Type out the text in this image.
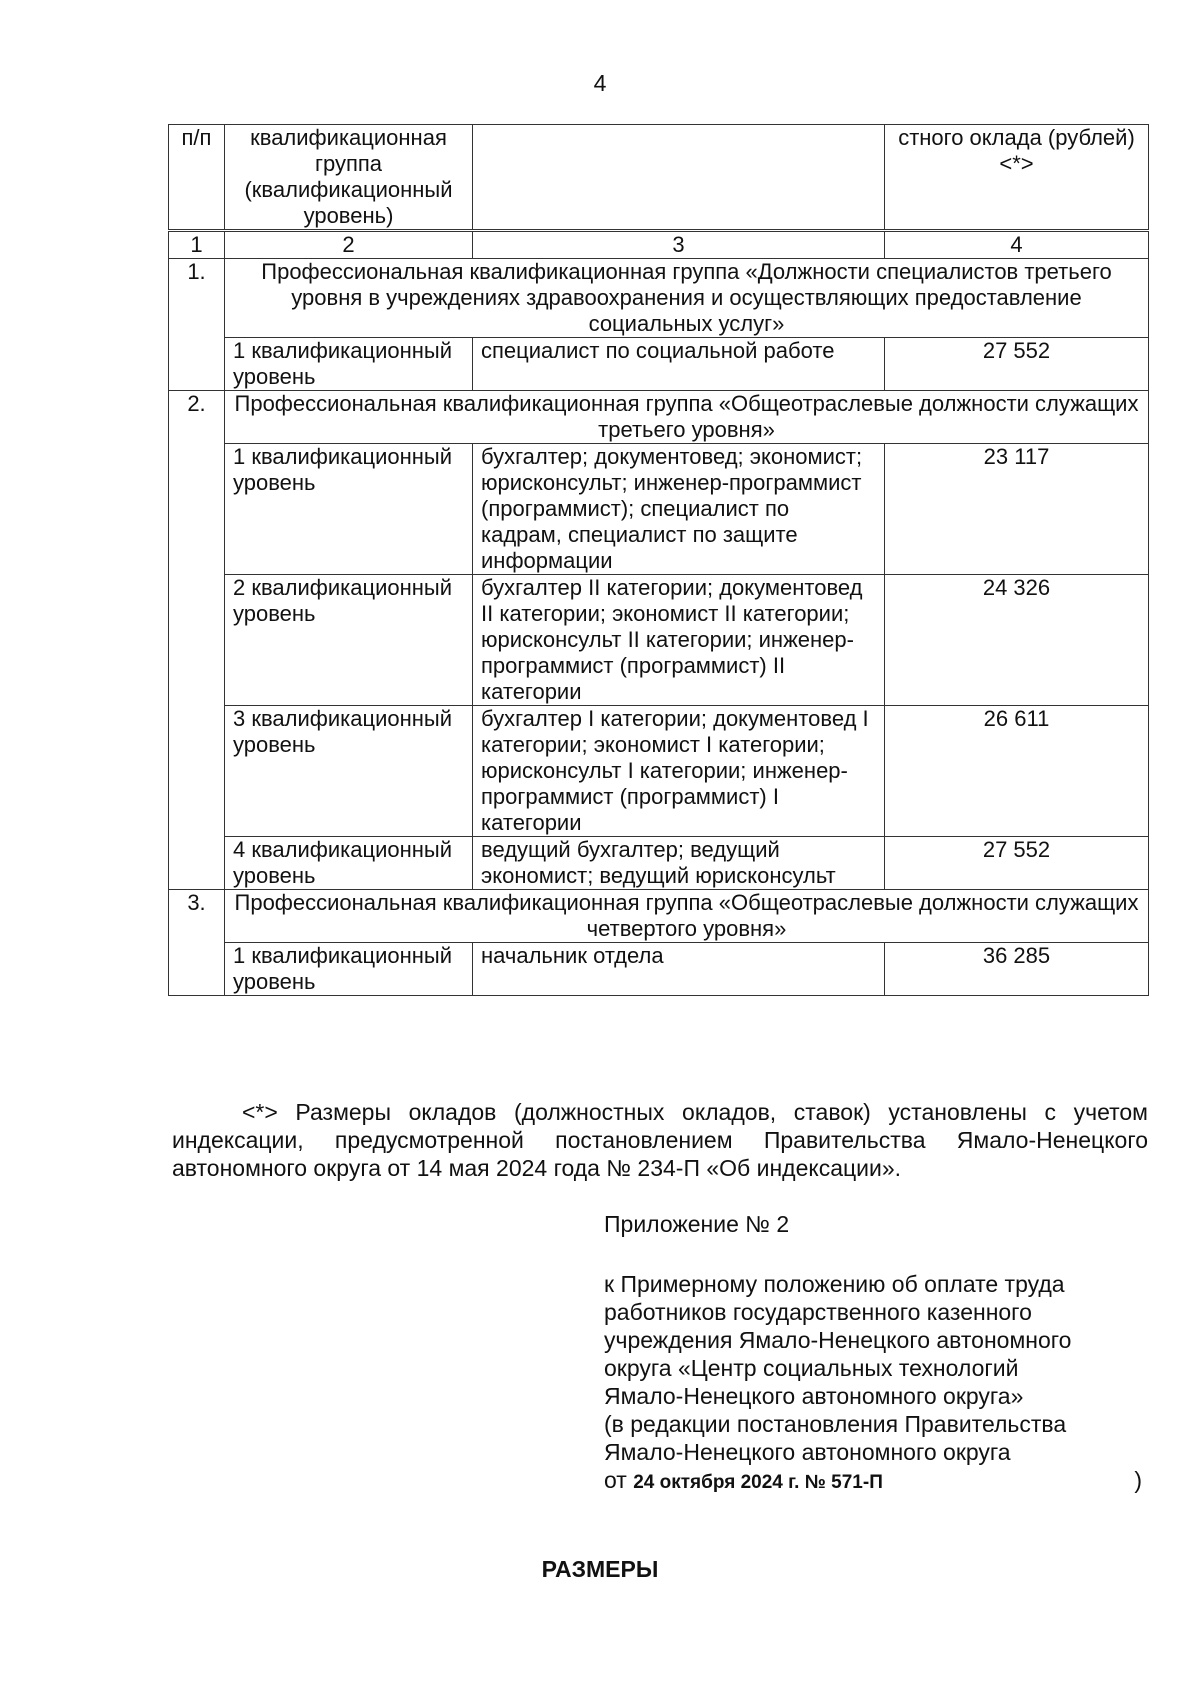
4
п/п	квалификационная группа (квалификационный уровень)		стного оклада (рублей) <*>
1	2	3	4
1.	Профессиональная квалификационная группа «Должности специалистов третьего уровня в учреждениях здравоохранения и осуществляющих предоставление социальных услуг»		
	1 квалификационный уровень	специалист по социальной работе	27 552
2.	Профессиональная квалификационная группа «Общеотраслевые должности служащих третьего уровня»		
	1 квалификационный уровень	бухгалтер; документовед; экономист; юрисконсульт; инженер-программист (программист); специалист по кадрам, специалист по защите информации	23 117
	2 квалификационный уровень	бухгалтер II категории; документовед II категории; экономист II категории; юрисконсульт II категории; инженер-программист (программист) II категории	24 326
	3 квалификационный уровень	бухгалтер I категории; документовед I категории; экономист I категории; юрисконсульт I категории; инженер-программист (программист) I категории	26 611
	4 квалификационный уровень	ведущий бухгалтер; ведущий экономист; ведущий юрисконсульт	27 552
3.	Профессиональная квалификационная группа «Общеотраслевые должности служащих четвертого уровня»		
	1 квалификационный уровень	начальник отдела	36 285
<*> Размеры окладов (должностных окладов, ставок) установлены с учетом индексации, предусмотренной постановлением Правительства Ямало-Ненецкого автономного округа от 14 мая 2024 года № 234-П «Об индексации».
Приложение № 2
к Примерному положению об оплате труда
работников государственного казенного
учреждения Ямало-Ненецкого автономного
округа «Центр социальных технологий
Ямало-Ненецкого автономного округа»
(в редакции постановления Правительства
Ямало-Ненецкого автономного округа
от 24 октября 2024 г. № 571-П	)
РАЗМЕРЫ
